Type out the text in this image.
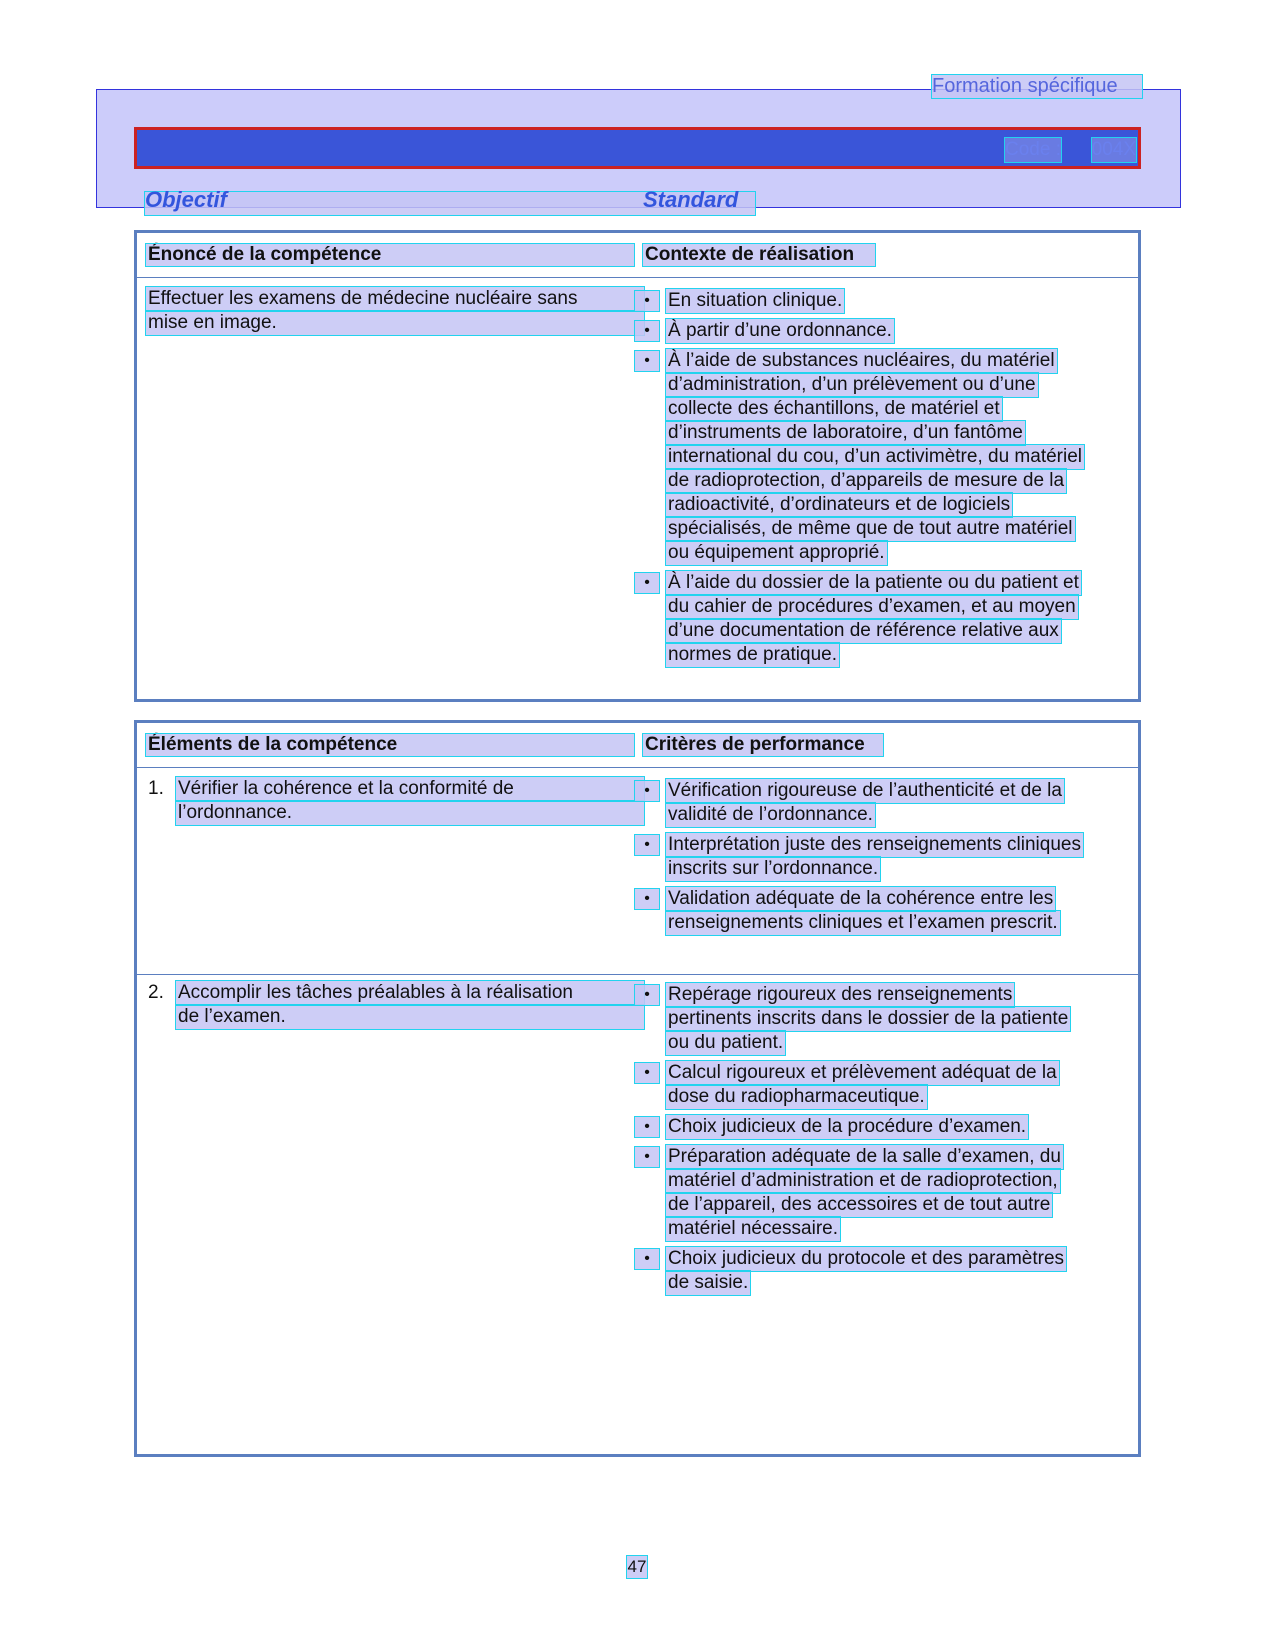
Formation spécifique
Code : 004X
Objectif	Standard
Énoncé de la compétence	Contexte de réalisation
Effectuer les examens de médecine nucléaire sans
mise en image.
• En situation clinique.
• À partir d’une ordonnance.
• À l’aide de substances nucléaires, du matériel
d’administration, d’un prélèvement ou d’une
collecte des échantillons, de matériel et
d’instruments de laboratoire, d’un fantôme
international du cou, d’un activimètre, du matériel
de radioprotection, d’appareils de mesure de la
radioactivité, d’ordinateurs et de logiciels
spécialisés, de même que de tout autre matériel
ou équipement approprié.
• À l’aide du dossier de la patiente ou du patient et
du cahier de procédures d’examen, et au moyen
d’une documentation de référence relative aux
normes de pratique.
Éléments de la compétence	Critères de performance
1. Vérifier la cohérence et la conformité de
l’ordonnance.
• Vérification rigoureuse de l’authenticité et de la
validité de l’ordonnance.
• Interprétation juste des renseignements cliniques
inscrits sur l’ordonnance.
• Validation adéquate de la cohérence entre les
renseignements cliniques et l’examen prescrit.
2. Accomplir les tâches préalables à la réalisation
de l’examen.
• Repérage rigoureux des renseignements
pertinents inscrits dans le dossier de la patiente
ou du patient.
• Calcul rigoureux et prélèvement adéquat de la
dose du radiopharmaceutique.
• Choix judicieux de la procédure d’examen.
• Préparation adéquate de la salle d’examen, du
matériel d’administration et de radioprotection,
de l’appareil, des accessoires et de tout autre
matériel nécessaire.
• Choix judicieux du protocole et des paramètres
de saisie.
47
